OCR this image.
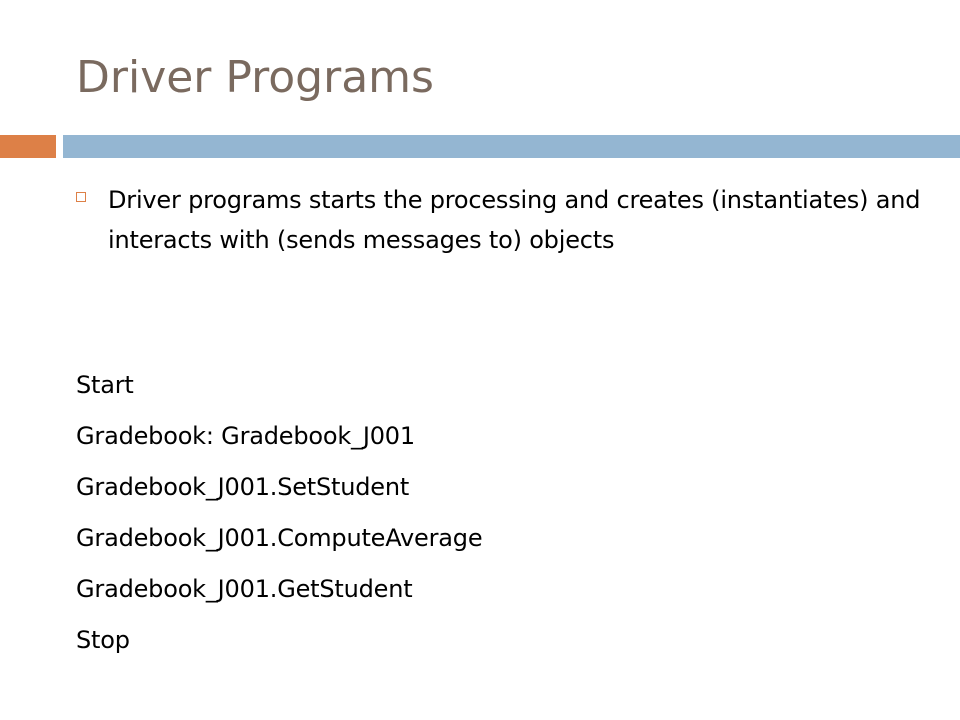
Driver Programs
Driver programs starts the processing and creates (instantiates) and interacts with (sends messages to) objects
Start
Gradebook: Gradebook_J001
Gradebook_J001.SetStudent
Gradebook_J001.ComputeAverage
Gradebook_J001.GetStudent
Stop
